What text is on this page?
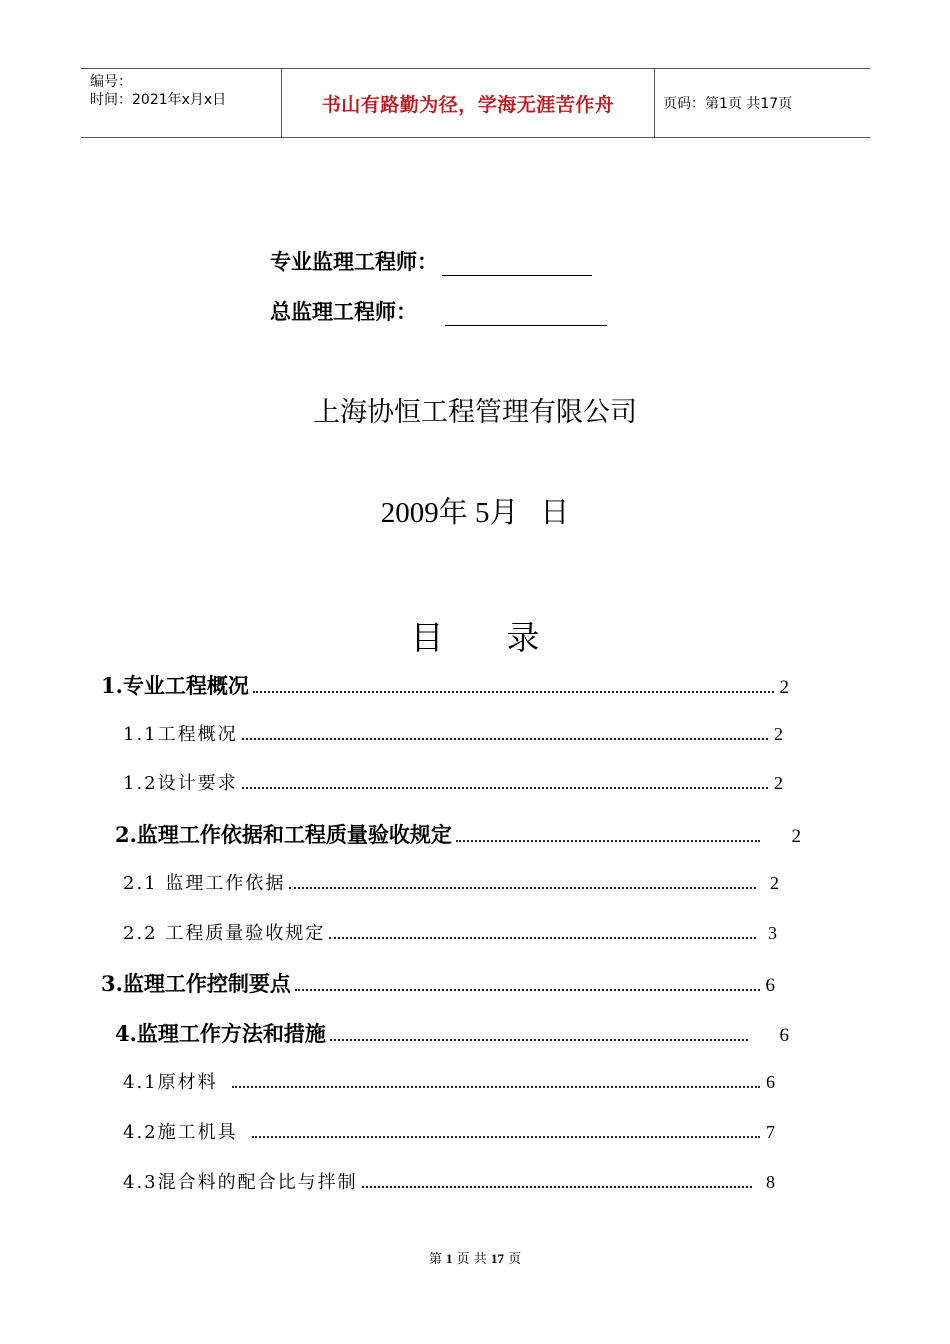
编号：
时间：2021年x月x日	书山有路勤为径，学海无涯苦作舟	页码：第1页 共17页
专业监理工程师：
总监理工程师：
上海协恒工程管理有限公司
2009年 5月   日
目      录
1.专业工程概况	2
1.1工程概况	2
1.2设计要求	2
2.监理工作依据和工程质量验收规定	2
2.1 监理工作依据	2
2.2 工程质量验收规定	3
3.监理工作控制要点	6
4.监理工作方法和措施	6
4.1原材料	6
4.2施工机具	7
4.3混合料的配合比与拌制	8
第 1 页 共 17 页
